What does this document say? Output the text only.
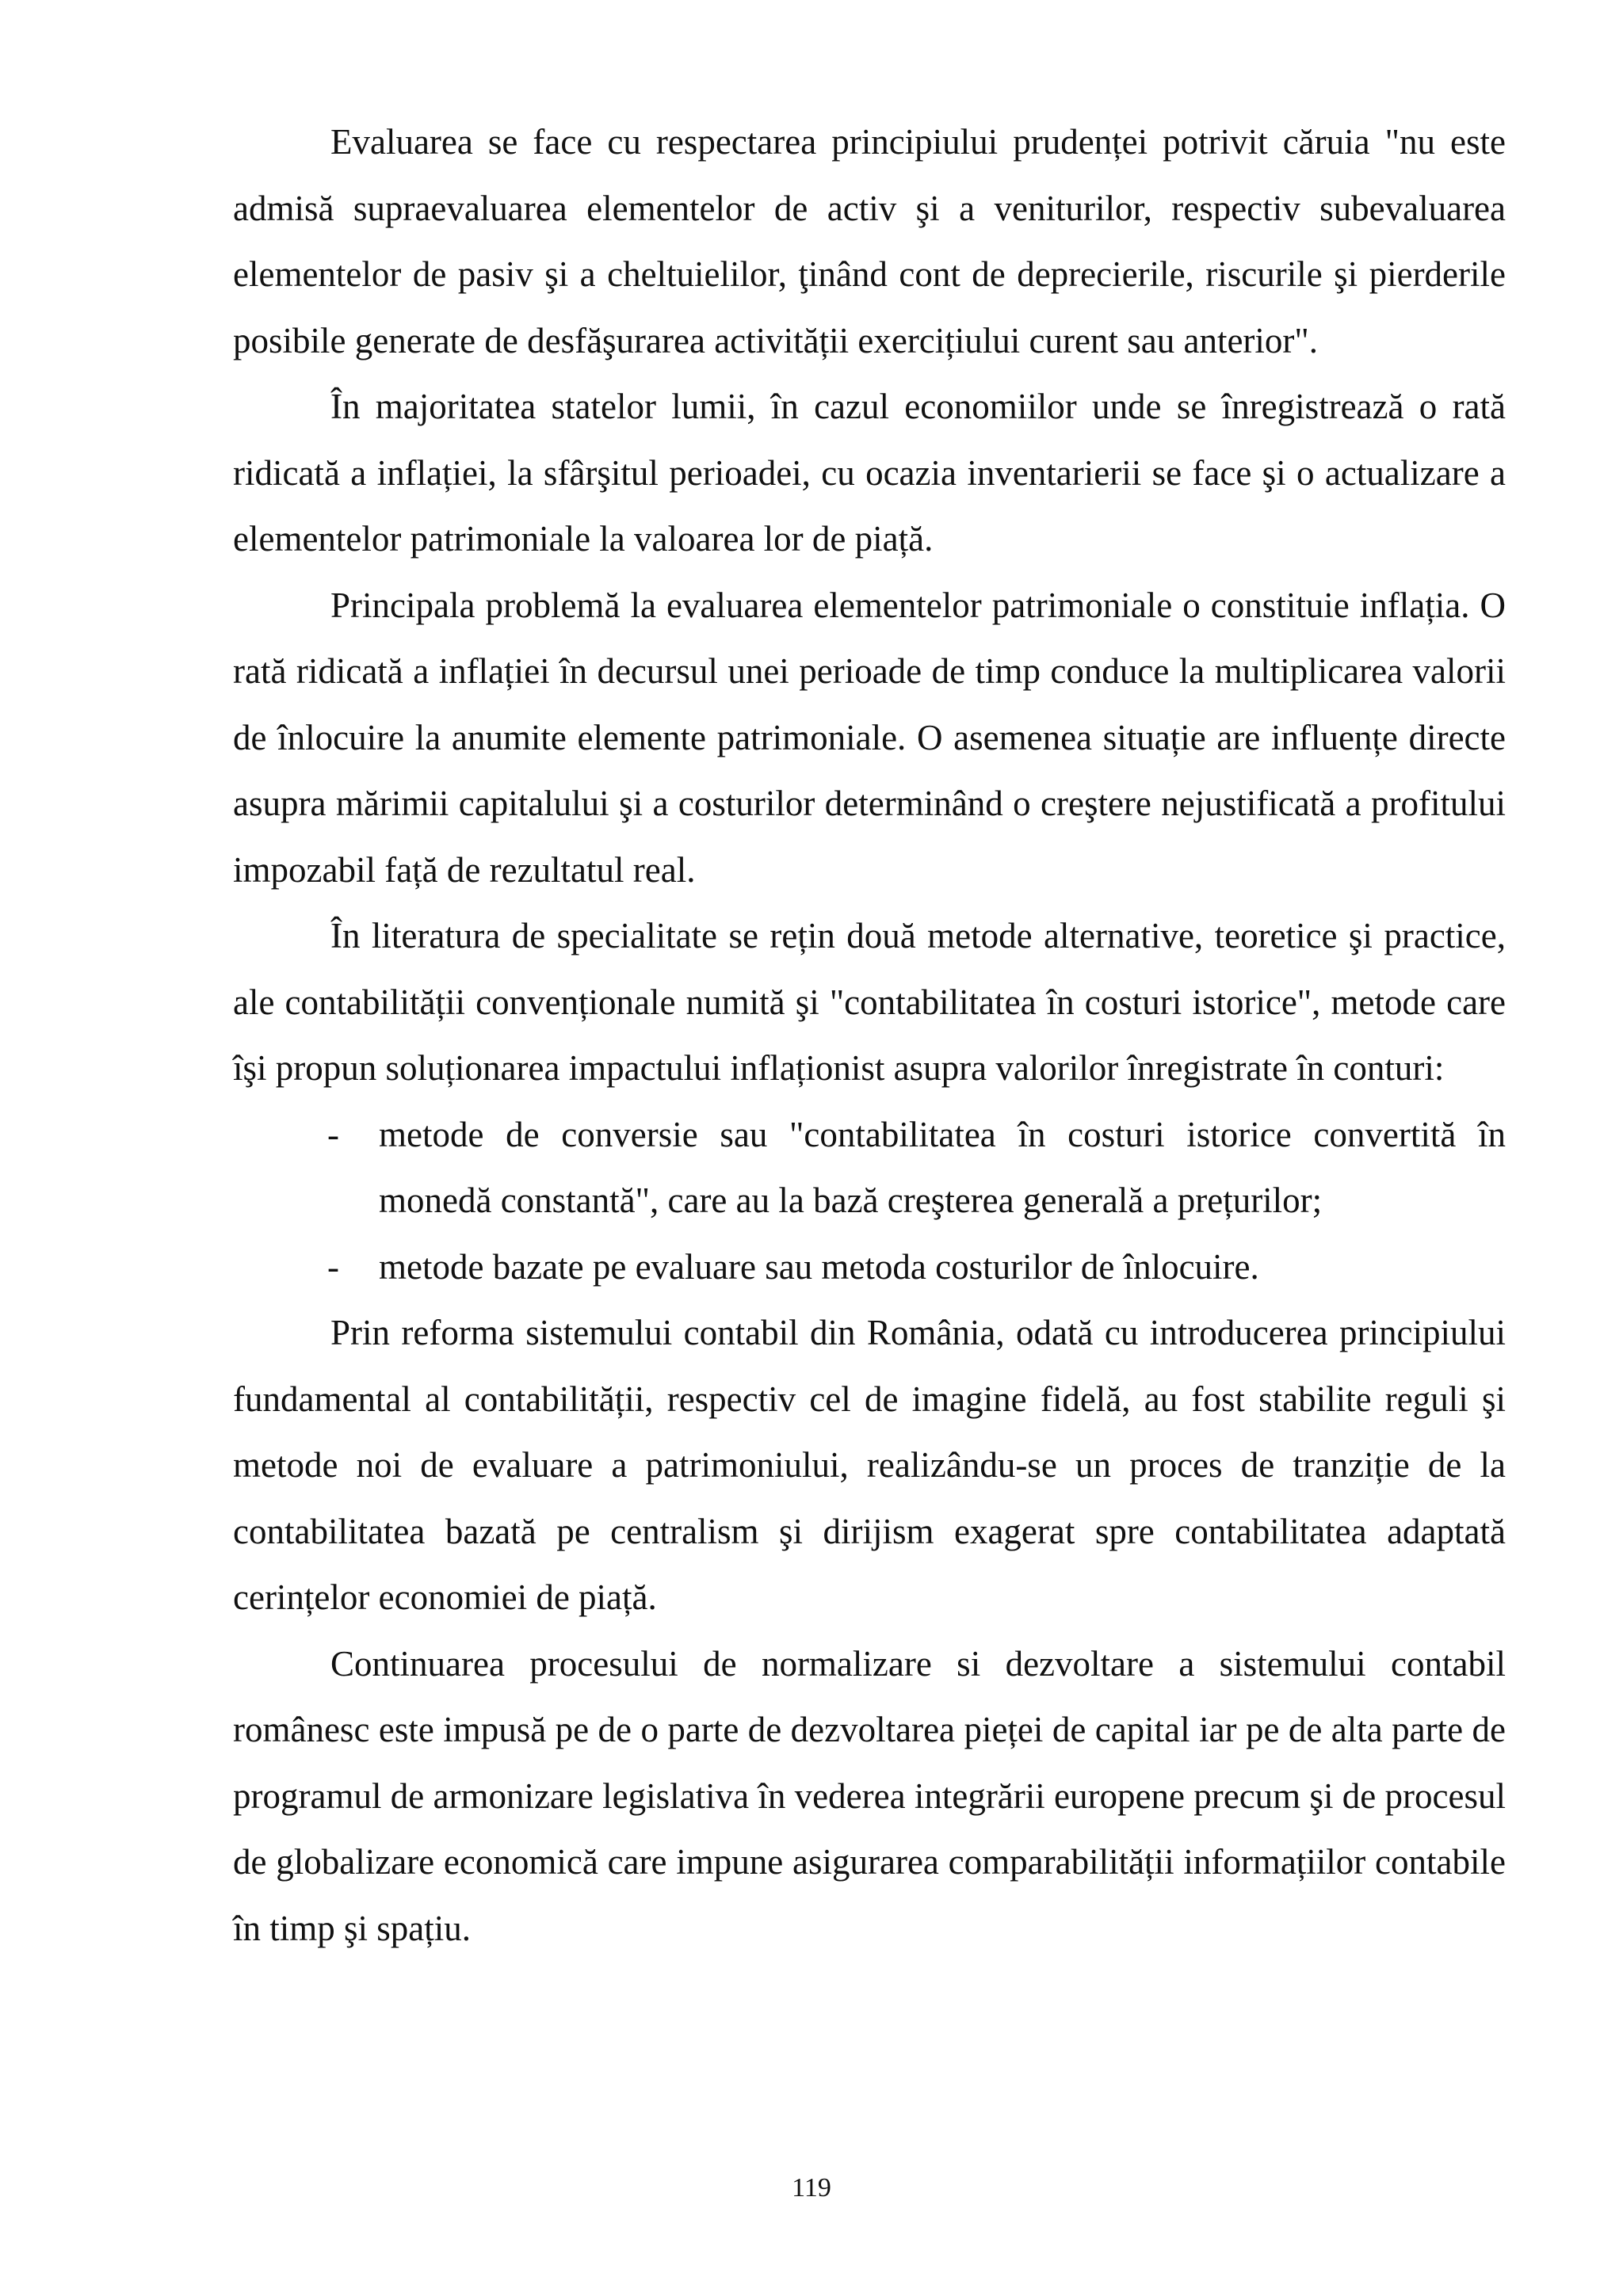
Evaluarea se face cu respectarea principiului prudenței potrivit căruia "nu este admisă supraevaluarea elementelor de activ şi a veniturilor, respectiv subevaluarea elementelor de pasiv şi a cheltuielilor, ţinând cont de deprecierile, riscurile şi pierderile posibile generate de desfăşurarea activității exercițiului curent sau anterior".

În majoritatea statelor lumii, în cazul economiilor unde se înregistrează o rată ridicată a inflației, la sfârşitul perioadei, cu ocazia inventarierii se face şi o actualizare a elementelor patrimoniale la valoarea lor de piață.

Principala problemă la evaluarea elementelor patrimoniale o constituie inflația. O rată ridicată a inflației în decursul unei perioade de timp conduce la multiplicarea valorii de înlocuire la anumite elemente patrimoniale. O asemenea situație are influențe directe asupra mărimii capitalului şi a costurilor determinând o creştere nejustificată a profitului impozabil față de rezultatul real.

În literatura de specialitate se rețin două metode alternative, teoretice şi practice, ale contabilității convenționale numită şi "contabilitatea în costuri istorice", metode care îşi propun soluționarea impactului inflaționist asupra valorilor înregistrate în conturi:

- metode de conversie sau "contabilitatea în costuri istorice convertită în monedă constantă", care au la bază creşterea generală a prețurilor;
- metode bazate pe evaluare sau metoda costurilor de înlocuire.

Prin reforma sistemului contabil din România, odată cu introducerea principiului fundamental al contabilității, respectiv cel de imagine fidelă, au fost stabilite reguli şi metode noi de evaluare a patrimoniului, realizându-se un proces de tranziție de la contabilitatea bazată pe centralism şi dirijism exagerat spre contabilitatea adaptată cerințelor economiei de piață.

Continuarea procesului de normalizare si dezvoltare a sistemului contabil românesc este impusă pe de o parte de dezvoltarea pieței de capital iar pe de alta parte de programul de armonizare legislativa în vederea integrării europene precum şi de procesul de globalizare economică care impune asigurarea comparabilității informațiilor contabile în timp şi spațiu.

119
